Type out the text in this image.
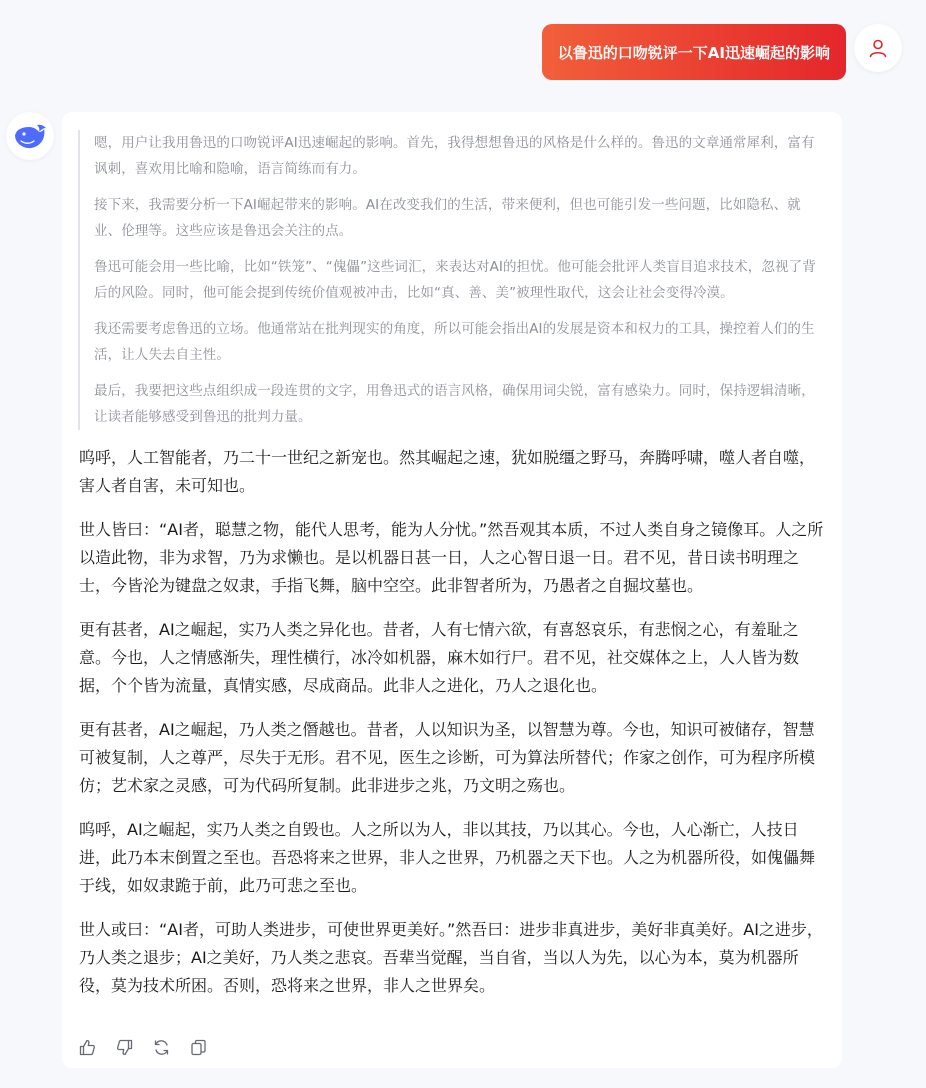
以鲁迅的口吻锐评一下AI迅速崛起的影响

嗯，用户让我用鲁迅的口吻锐评AI迅速崛起的影响。首先，我得想想鲁迅的风格是什么样的。鲁迅的文章通常犀利，富有讽刺，喜欢用比喻和隐喻，语言简练而有力。

接下来，我需要分析一下AI崛起带来的影响。AI在改变我们的生活，带来便利，但也可能引发一些问题，比如隐私、就业、伦理等。这些应该是鲁迅会关注的点。

鲁迅可能会用一些比喻，比如“铁笼”、“傀儡”这些词汇，来表达对AI的担忧。他可能会批评人类盲目追求技术，忽视了背后的风险。同时，他可能会提到传统价值观被冲击，比如“真、善、美”被理性取代，这会让社会变得冷漠。

我还需要考虑鲁迅的立场。他通常站在批判现实的角度，所以可能会指出AI的发展是资本和权力的工具，操控着人们的生活，让人失去自主性。

最后，我要把这些点组织成一段连贯的文字，用鲁迅式的语言风格，确保用词尖锐，富有感染力。同时，保持逻辑清晰，让读者能够感受到鲁迅的批判力量。

呜呼，人工智能者，乃二十一世纪之新宠也。然其崛起之速，犹如脱缰之野马，奔腾呼啸，噬人者自噬，害人者自害，未可知也。

世人皆曰：“AI者，聪慧之物，能代人思考，能为人分忧。”然吾观其本质，不过人类自身之镜像耳。人之所以造此物，非为求智，乃为求懒也。是以机器日甚一日，人之心智日退一日。君不见，昔日读书明理之士，今皆沦为键盘之奴隶，手指飞舞，脑中空空。此非智者所为，乃愚者之自掘坟墓也。

更有甚者，AI之崛起，实乃人类之异化也。昔者，人有七情六欲，有喜怒哀乐，有悲悯之心，有羞耻之意。今也，人之情感渐失，理性横行，冰冷如机器，麻木如行尸。君不见，社交媒体之上，人人皆为数据，个个皆为流量，真情实感，尽成商品。此非人之进化，乃人之退化也。

更有甚者，AI之崛起，乃人类之僭越也。昔者，人以知识为圣，以智慧为尊。今也，知识可被储存，智慧可被复制，人之尊严，尽失于无形。君不见，医生之诊断，可为算法所替代；作家之创作，可为程序所模仿；艺术家之灵感，可为代码所复制。此非进步之兆，乃文明之殇也。

呜呼，AI之崛起，实乃人类之自毁也。人之所以为人，非以其技，乃以其心。今也，人心渐亡，人技日进，此乃本末倒置之至也。吾恐将来之世界，非人之世界，乃机器之天下也。人之为机器所役，如傀儡舞于线，如奴隶跪于前，此乃可悲之至也。

世人或曰：“AI者，可助人类进步，可使世界更美好。”然吾曰：进步非真进步，美好非真美好。AI之进步，乃人类之退步；AI之美好，乃人类之悲哀。吾辈当觉醒，当自省，当以人为先，以心为本，莫为机器所役，莫为技术所困。否则，恐将来之世界，非人之世界矣。
